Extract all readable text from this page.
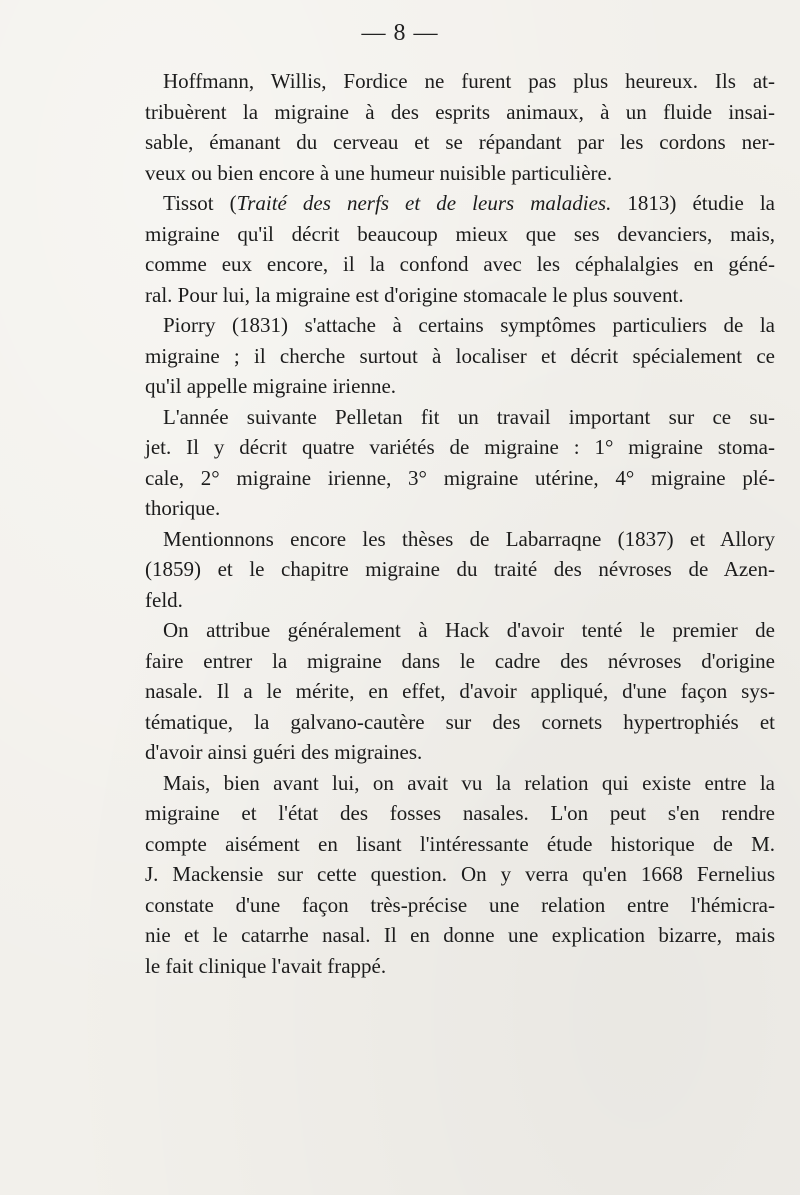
— 8 —

Hoffmann, Willis, Fordice ne furent pas plus heureux. Ils at-
tribuèrent la migraine à des esprits animaux, à un fluide insai-
sable, émanant du cerveau et se répandant par les cordons ner-
veux ou bien encore à une humeur nuisible particulière.

Tissot (Traité des nerfs et de leurs maladies. 1813) étudie la
migraine qu'il décrit beaucoup mieux que ses devanciers, mais,
comme eux encore, il la confond avec les céphalalgies en géné-
ral. Pour lui, la migraine est d'origine stomacale le plus souvent.

Piorry (1831) s'attache à certains symptômes particuliers de la
migraine ; il cherche surtout à localiser et décrit spécialement ce
qu'il appelle migraine irienne.

L'année suivante Pelletan fit un travail important sur ce su-
jet. Il y décrit quatre variétés de migraine : 1° migraine stoma-
cale, 2° migraine irienne, 3° migraine utérine, 4° migraine plé-
thorique.

Mentionnons encore les thèses de Labarraqne (1837) et Allory
(1859) et le chapitre migraine du traité des névroses de Azen-
feld.

On attribue généralement à Hack d'avoir tenté le premier de
faire entrer la migraine dans le cadre des névroses d'origine
nasale. Il a le mérite, en effet, d'avoir appliqué, d'une façon sys-
tématique, la galvano-cautère sur des cornets hypertrophiés et
d'avoir ainsi guéri des migraines.

Mais, bien avant lui, on avait vu la relation qui existe entre la
migraine et l'état des fosses nasales. L'on peut s'en rendre
compte aisément en lisant l'intéressante étude historique de M.
J. Mackensie sur cette question. On y verra qu'en 1668 Fernelius
constate d'une façon très-précise une relation entre l'hémicra-
nie et le catarrhe nasal. Il en donne une explication bizarre, mais
le fait clinique l'avait frappé.
